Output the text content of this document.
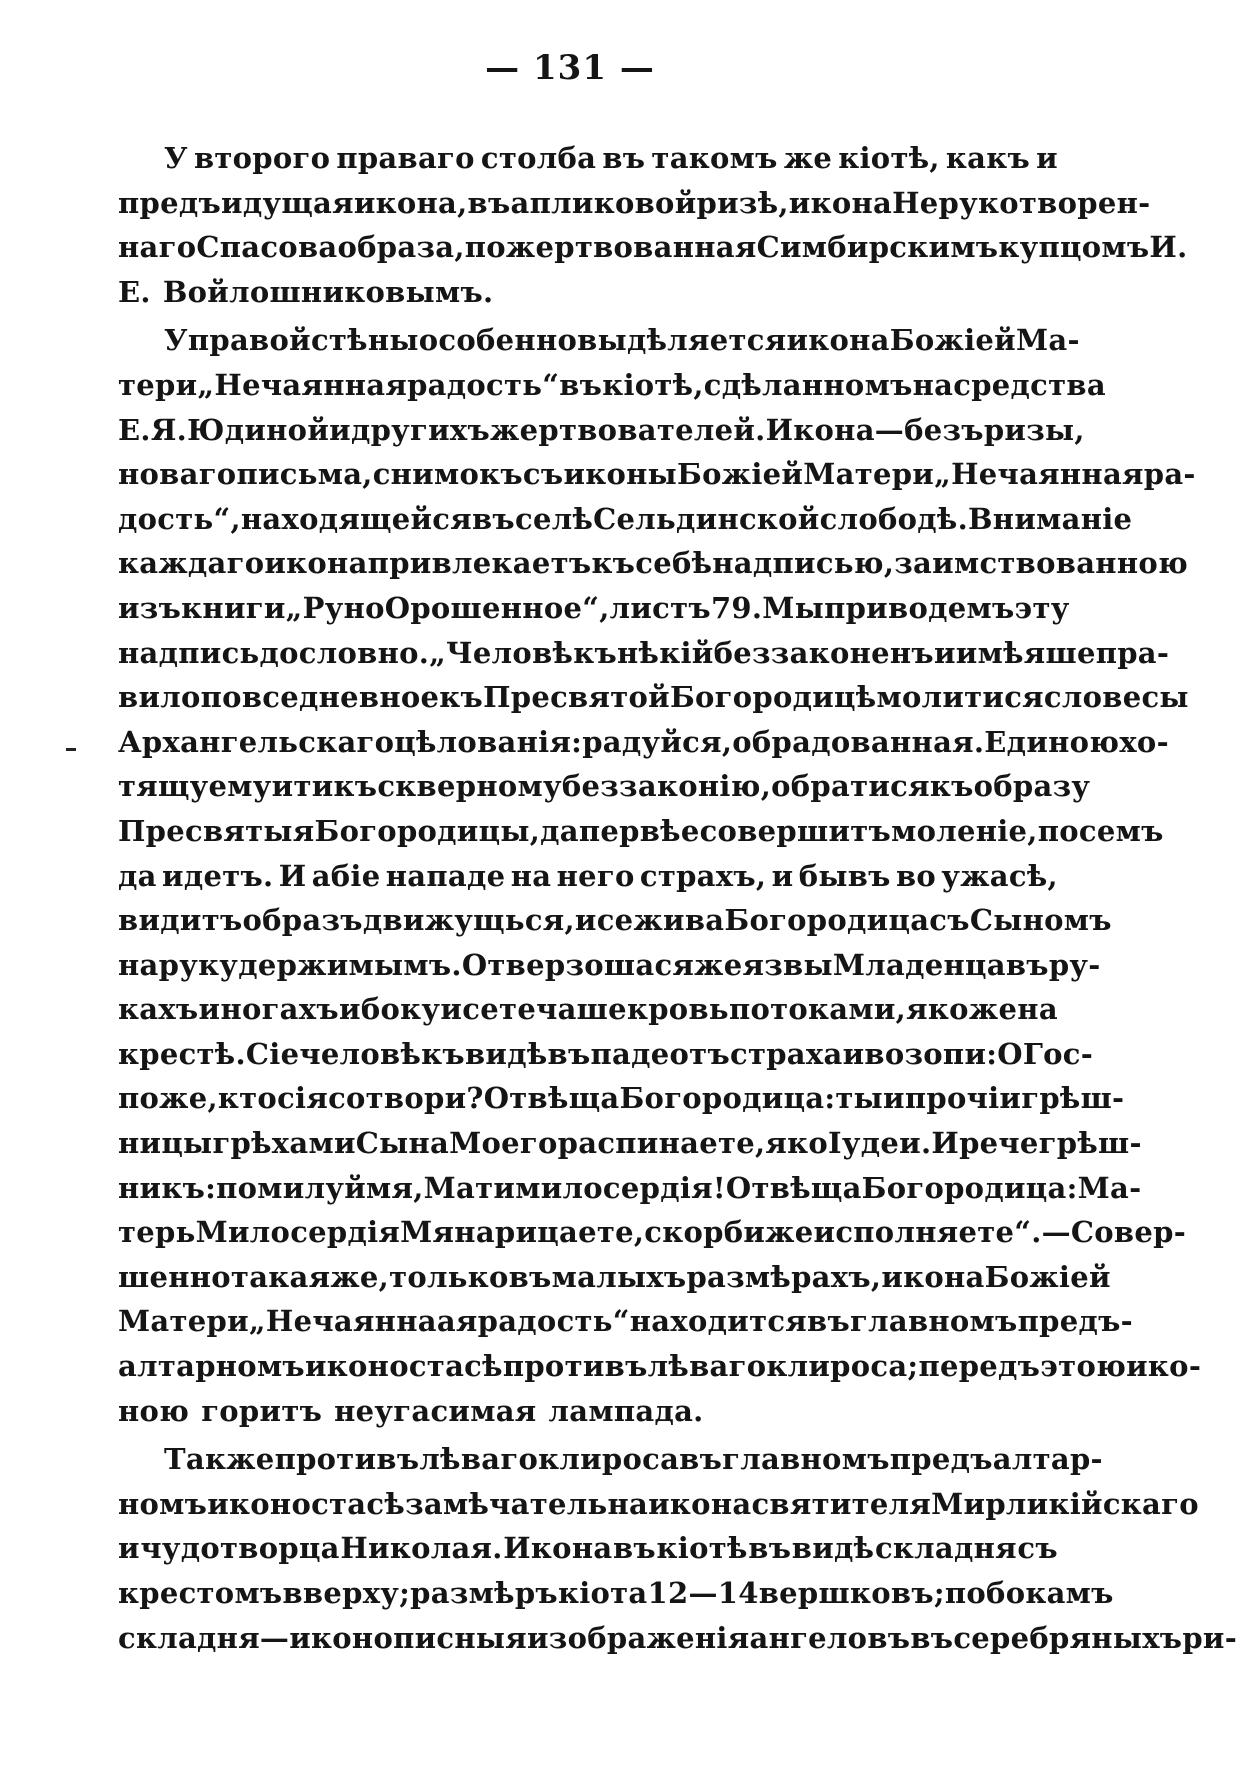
— 131 —
У второго праваго столба въ такомъ же кіотѣ, какъ и
предъидущая икона, въ апликовой ризѣ, икона Нерукотворен-
наго Спасова образа, пожертвованная Симбирскимъ купцомъ И.
Е. Войлошниковымъ.
У правой стѣны особенно выдѣляется икона Божіей Ма-
тери „Нечаянная радость“ въ кіотѣ, сдѣланномъ на средства
Е. Я. Юдиной и другихъ жертвователей. Икона—безъ ризы,
новаго письма, снимокъ съ иконы Божіей Матери „Нечаянная ра-
дость“, находящейся въ селѣ Сельдинской слободѣ. Вниманіе
каждаго икона привлекаетъ къ себѣ надписью, заимствованною
изъ книги „Руно Орошенное“, листъ 79. Мы приводемъ эту
надпись дословно. „Человѣкъ нѣкій беззаконенъ и имѣяше пра-
вило повседневное къ Пресвятой Богородицѣ молитися словесы
Архангельскаго цѣлованія: радуйся, обрадованная. Единою хо-
тящу ему ити къ скверному беззаконію, обратися къ образу
Пресвятыя Богородицы, да первѣе совершитъ моленіе, по семъ
да идетъ. И абіе нападе на него страхъ, и бывъ во ужасѣ,
видитъ образъ движущься, и се жива Богородица съ Сыномъ
на руку держимымъ. Отверзошася же язвы Младенца въ ру-
кахъ и ногахъ и боку и се течаше кровь потоками, яко же на
крестѣ. Сіе человѣкъ видѣвъ паде отъ страха и возопи: О Гос-
поже, кто сія сотвори? Отвѣща Богородица: ты и прочіи грѣш-
ницы грѣхами Сына Моего распинаете, яко Іудеи. И рече грѣш-
никъ: помилуй мя, Мати милосердія! Отвѣща Богородица: Ма-
терь Милосердія Мя нарицаете, скорби же исполняете“.—Совер-
шенно такая же, только въ малыхъ размѣрахъ, икона Божіей
Матери „Нечаяннаая радость“ находится въ главномъ предъ-
алтарномъ иконостасѣ противъ лѣваго клироса; передъ этою ико-
ною горитъ неугасимая лампада.
Также противъ лѣваго клироса въ главномъ предъалтар-
номъ иконостасѣ замѣчательна икона святителя Мирликійскаго
и чудотворца Николая. Икона въ кіотѣ въ видѣ складня съ
крестомъ вверху; размѣръ кіота 12—14 вершковъ; по бокамъ
складня—иконописныя изображенія ангеловъ въ серебряныхъ ри-
